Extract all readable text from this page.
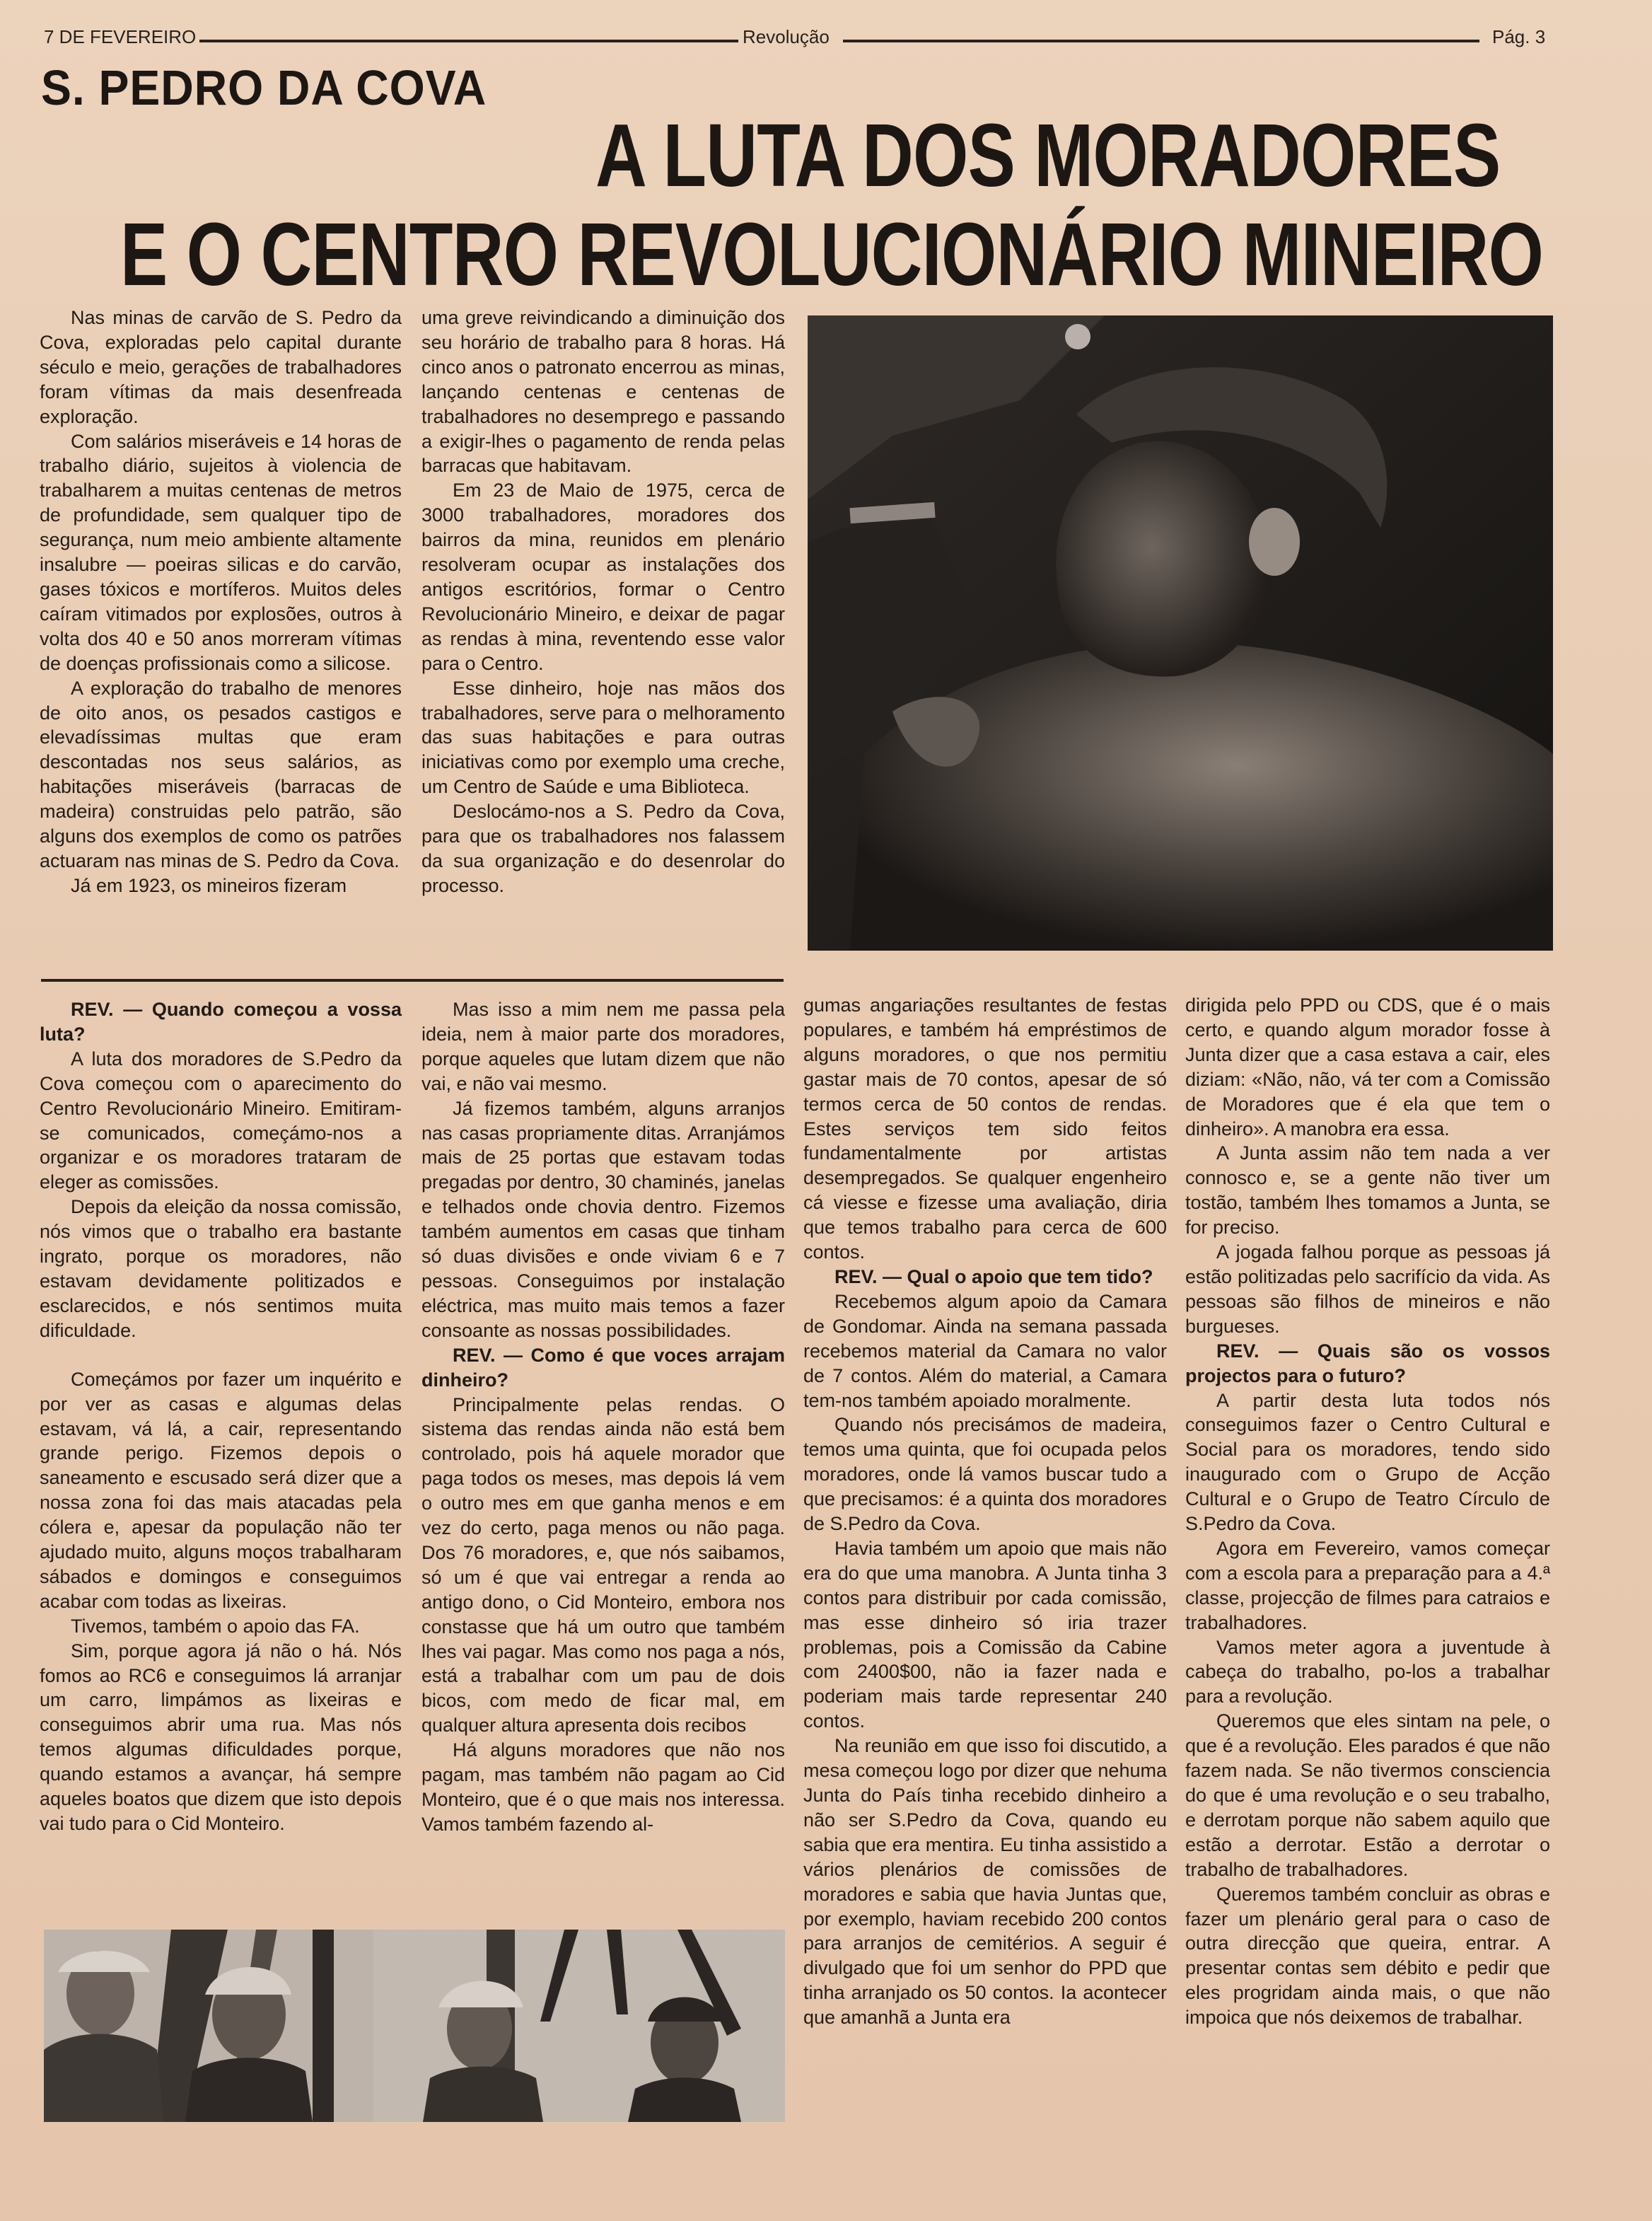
7 DE FEVEREIRO	Revolução	Pág. 3
S. PEDRO DA COVA
A LUTA DOS MORADORES
E O CENTRO REVOLUCIONÁRIO MINEIRO

Nas minas de carvão de S. Pedro da Cova, exploradas pelo capital durante século e meio, gerações de trabalhadores foram vítimas da mais desenfreada exploração.

Com salários miseráveis e 14 horas de trabalho diário, sujeitos à violencia de trabalharem a muitas centenas de metros de profundidade, sem qualquer tipo de segurança, num meio ambiente altamente insalubre — poeiras silicas e do carvão, gases tóxicos e mortíferos. Muitos deles caíram vitimados por explosões, outros à volta dos 40 e 50 anos morreram vítimas de doenças profissionais como a silicose.

A exploração do trabalho de menores de oito anos, os pesados castigos e elevadíssimas multas que eram descontadas nos seus salários, as habitações miseráveis (barracas de madeira) construidas pelo patrão, são alguns dos exemplos de como os patrões actuaram nas minas de S. Pedro da Cova.

Já em 1923, os mineiros fizeram

uma greve reivindicando a diminuição dos seu horário de trabalho para 8 horas. Há cinco anos o patronato encerrou as minas, lançando centenas e centenas de trabalhadores no desemprego e passando a exigir-lhes o pagamento de renda pelas barracas que habitavam.

Em 23 de Maio de 1975, cerca de 3000 trabalhadores, moradores dos bairros da mina, reunidos em plenário resolveram ocupar as instalações dos antigos escritórios, formar o Centro Revolucionário Mineiro, e deixar de pagar as rendas à mina, reventendo esse valor para o Centro.

Esse dinheiro, hoje nas mãos dos trabalhadores, serve para o melhoramento das suas habitações e para outras iniciativas como por exemplo uma creche, um Centro de Saúde e uma Biblioteca.

Deslocámo-nos a S. Pedro da Cova, para que os trabalhadores nos falassem da sua organização e do desenrolar do processo.

REV. — Quando começou a vossa luta?

A luta dos moradores de S.Pedro da Cova começou com o aparecimento do Centro Revolucionário Mineiro. Emitiram-se comunicados, começámo-nos a organizar e os moradores trataram de eleger as comissões.

Depois da eleição da nossa comissão, nós vimos que o trabalho era bastante ingrato, porque os moradores, não estavam devidamente politizados e esclarecidos, e nós sentimos muita dificuldade.

Começámos por fazer um inquérito e por ver as casas e algumas delas estavam, vá lá, a cair, representando grande perigo. Fizemos depois o saneamento e escusado será dizer que a nossa zona foi das mais atacadas pela cólera e, apesar da população não ter ajudado muito, alguns moços trabalharam sábados e domingos e conseguimos acabar com todas as lixeiras.

Tivemos, também o apoio das FA.

Sim, porque agora já não o há. Nós fomos ao RC6 e conseguimos lá arranjar um carro, limpámos as lixeiras e conseguimos abrir uma rua. Mas nós temos algumas dificuldades porque, quando estamos a avançar, há sempre aqueles boatos que dizem que isto depois vai tudo para o Cid Monteiro.

Mas isso a mim nem me passa pela ideia, nem à maior parte dos moradores, porque aqueles que lutam dizem que não vai, e não vai mesmo.

Já fizemos também, alguns arranjos nas casas propriamente ditas. Arranjámos mais de 25 portas que estavam todas pregadas por dentro, 30 chaminés, janelas e telhados onde chovia dentro. Fizemos também aumentos em casas que tinham só duas divisões e onde viviam 6 e 7 pessoas. Conseguimos por instalação eléctrica, mas muito mais temos a fazer consoante as nossas possibilidades.

REV. — Como é que voces arrajam dinheiro?

Principalmente pelas rendas. O sistema das rendas ainda não está bem controlado, pois há aquele morador que paga todos os meses, mas depois lá vem o outro mes em que ganha menos e em vez do certo, paga menos ou não paga. Dos 76 moradores, e, que nós saibamos, só um é que vai entregar a renda ao antigo dono, o Cid Monteiro, embora nos constasse que há um outro que também lhes vai pagar. Mas como nos paga a nós, está a trabalhar com um pau de dois bicos, com medo de ficar mal, em qualquer altura apresenta dois recibos

Há alguns moradores que não nos pagam, mas também não pagam ao Cid Monteiro, que é o que mais nos interessa. Vamos também fazendo al-

gumas angariações resultantes de festas populares, e também há empréstimos de alguns moradores, o que nos permitiu gastar mais de 70 contos, apesar de só termos cerca de 50 contos de rendas. Estes serviços tem sido feitos fundamentalmente por artistas desempregados. Se qualquer engenheiro cá viesse e fizesse uma avaliação, diria que temos trabalho para cerca de 600 contos.

REV. — Qual o apoio que tem tido?

Recebemos algum apoio da Camara de Gondomar. Ainda na semana passada recebemos material da Camara no valor de 7 contos. Além do material, a Camara tem-nos também apoiado moralmente.

Quando nós precisámos de madeira, temos uma quinta, que foi ocupada pelos moradores, onde lá vamos buscar tudo a que precisamos: é a quinta dos moradores de S.Pedro da Cova.

Havia também um apoio que mais não era do que uma manobra. A Junta tinha 3 contos para distribuir por cada comissão, mas esse dinheiro só iria trazer problemas, pois a Comissão da Cabine com 2400$00, não ia fazer nada e poderiam mais tarde representar 240 contos.

Na reunião em que isso foi discutido, a mesa começou logo por dizer que nehuma Junta do País tinha recebido dinheiro a não ser S.Pedro da Cova, quando eu sabia que era mentira. Eu tinha assistido a vários plenários de comissões de moradores e sabia que havia Juntas que, por exemplo, haviam recebido 200 contos para arranjos de cemitérios. A seguir é divulgado que foi um senhor do PPD que tinha arranjado os 50 contos. Ia acontecer que amanhã a Junta era

dirigida pelo PPD ou CDS, que é o mais certo, e quando algum morador fosse à Junta dizer que a casa estava a cair, eles diziam: «Não, não, vá ter com a Comissão de Moradores que é ela que tem o dinheiro». A manobra era essa.

A Junta assim não tem nada a ver connosco e, se a gente não tiver um tostão, também lhes tomamos a Junta, se for preciso.

A jogada falhou porque as pessoas já estão politizadas pelo sacrifício da vida. As pessoas são filhos de mineiros e não burgueses.

REV. — Quais são os vossos projectos para o futuro?

A partir desta luta todos nós conseguimos fazer o Centro Cultural e Social para os moradores, tendo sido inaugurado com o Grupo de Acção Cultural e o Grupo de Teatro Círculo de S.Pedro da Cova.

Agora em Fevereiro, vamos começar com a escola para a preparação para a 4.ª classe, projecção de filmes para catraios e trabalhadores.

Vamos meter agora a juventude à cabeça do trabalho, po-los a trabalhar para a revolução.

Queremos que eles sintam na pele, o que é a revolução. Eles parados é que não fazem nada. Se não tivermos consciencia do que é uma revolução e o seu trabalho, e derrotam porque não sabem aquilo que estão a derrotar. Estão a derrotar o trabalho de trabalhadores.

Queremos também concluir as obras e fazer um plenário geral para o caso de outra direcção que queira, entrar. A presentar contas sem débito e pedir que eles progridam ainda mais, o que não impoica que nós deixemos de trabalhar.
